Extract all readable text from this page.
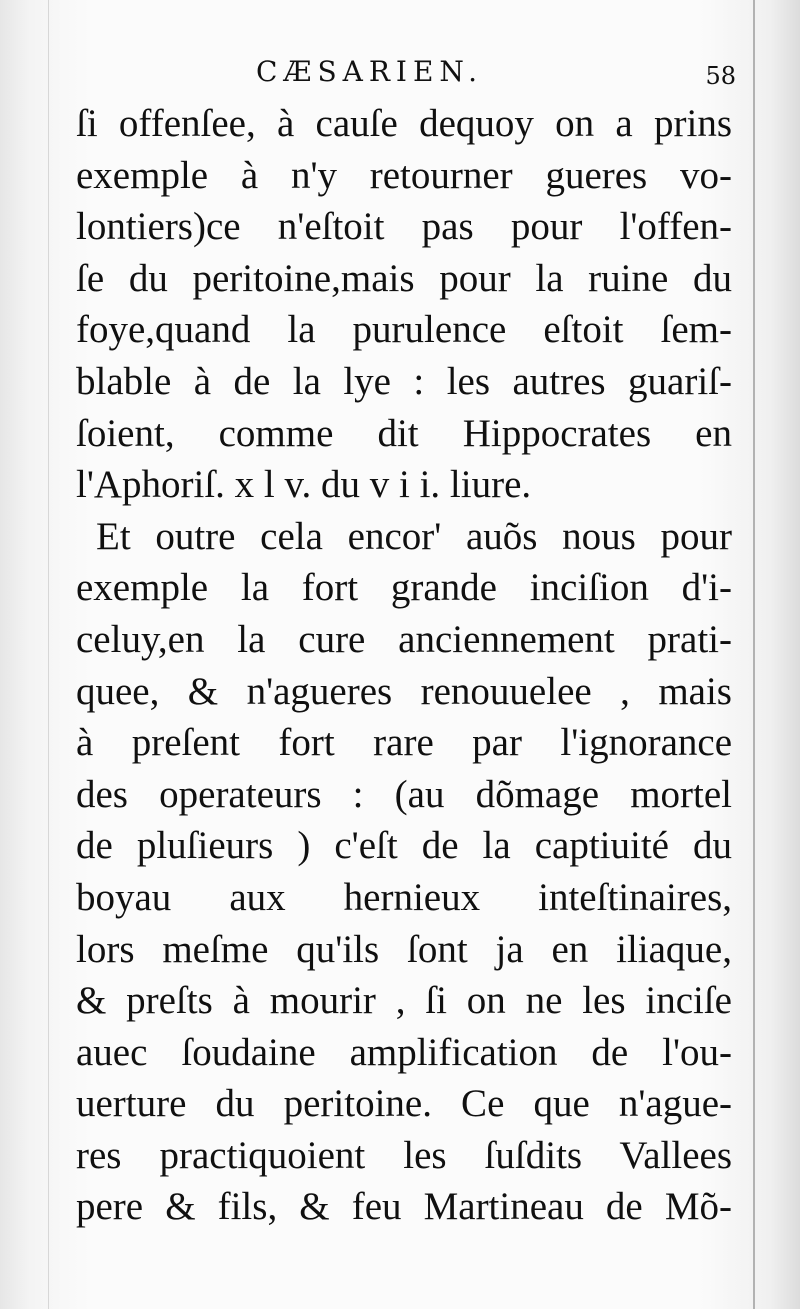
CÆSARIEN.	58
ſi offenſee, à cauſe dequoy on a prins
exemple à n'y retourner gueres vo-
lontiers)ce n'eſtoit pas pour l'offen-
ſe du peritoine,mais pour la ruine du
foye,quand la purulence eſtoit ſem-
blable à de la lye : les autres guariſ-
ſoient, comme dit Hippocrates en
l'Aphoriſ. x l v. du v i i. liure.
Et outre cela encor' auõs nous pour
exemple la fort grande inciſion d'i-
celuy,en la cure anciennement prati-
quee, & n'agueres renouuelee , mais
à preſent fort rare par l'ignorance
des operateurs : (au dõmage mortel
de pluſieurs ) c'eſt de la captiuité du
boyau aux hernieux inteſtinaires,
lors meſme qu'ils ſont ja en iliaque,
& preſts à mourir , ſi on ne les inciſe
auec ſoudaine amplification de l'ou-
uerture du peritoine. Ce que n'ague-
res practiquoient les ſuſdits Vallees
pere & fils, & feu Martineau de Mõ-
